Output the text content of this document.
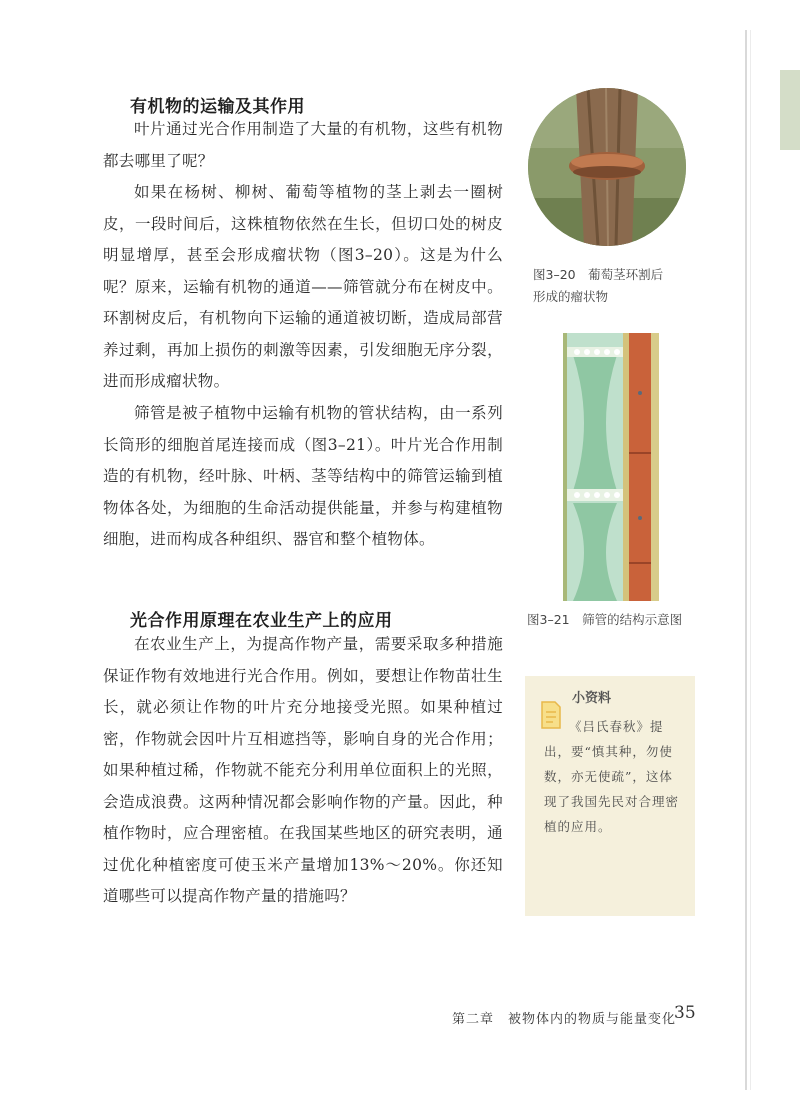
有机物的运输及其作用

叶片通过光合作用制造了大量的有机物，这些有机物都去哪里了呢？

如果在杨树、柳树、葡萄等植物的茎上剥去一圈树皮，一段时间后，这株植物依然在生长，但切口处的树皮明显增厚，甚至会形成瘤状物（图3–20）。这是为什么呢？原来，运输有机物的通道——筛管就分布在树皮中。环割树皮后，有机物向下运输的通道被切断，造成局部营养过剩，再加上损伤的刺激等因素，引发细胞无序分裂，进而形成瘤状物。

筛管是被子植物中运输有机物的管状结构，由一系列长筒形的细胞首尾连接而成（图3–21）。叶片光合作用制造的有机物，经叶脉、叶柄、茎等结构中的筛管运输到植物体各处，为细胞的生命活动提供能量，并参与构建植物细胞，进而构成各种组织、器官和整个植物体。

光合作用原理在农业生产上的应用

在农业生产上，为提高作物产量，需要采取多种措施保证作物有效地进行光合作用。例如，要想让作物苗壮生长，就必须让作物的叶片充分地接受光照。如果种植过密，作物就会因叶片互相遮挡等，影响自身的光合作用；如果种植过稀，作物就不能充分利用单位面积上的光照，会造成浪费。这两种情况都会影响作物的产量。因此，种植作物时，应合理密植。在我国某些地区的研究表明，通过优化种植密度可使玉米产量增加13%～20%。你还知道哪些可以提高作物产量的措施吗？

图3–20　葡萄茎环割后
形成的瘤状物
图3–21　筛管的结构示意图
小资料

《吕氏春秋》提出，要“慎其种，勿使数，亦无使疏”，这体现了我国先民对合理密植的应用。

第二章　被物体内的物质与能量变化
35
